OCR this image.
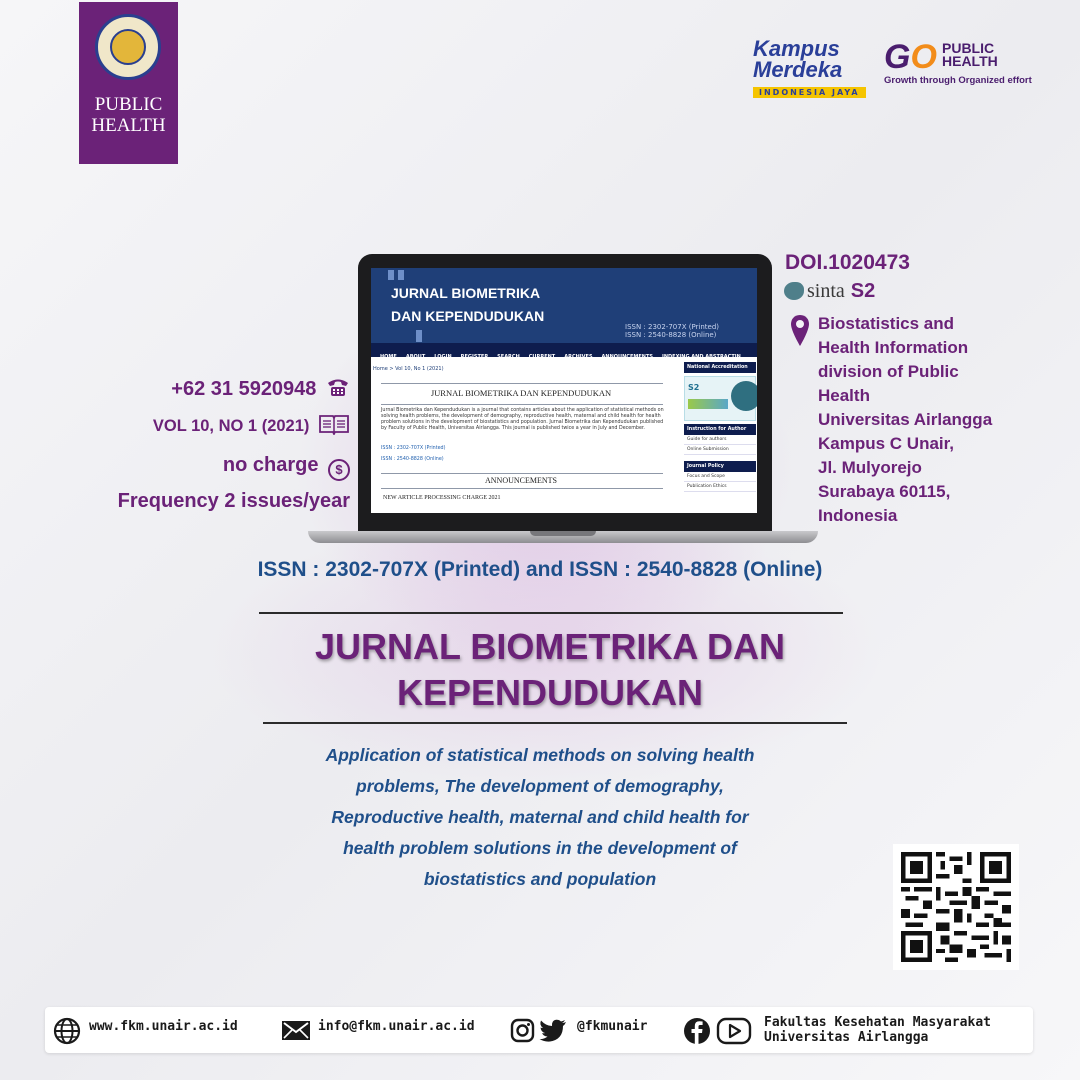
PUBLIC
HEALTH
Kampus
Merdeka
INDONESIA JAYA
GO PUBLIC
HEALTH
Growth through Organized effort
JURNAL BIOMETRIKA
DAN KEPENDUDUKAN
ISSN : 2302-707X (Printed)
ISSN : 2540-8828 (Online)
HOME ABOUT LOGIN REGISTER SEARCH CURRENT ARCHIVES ANNOUNCEMENTS INDEXING AND ABSTRACTIN
Home > Vol 10, No 1 (2021)
JURNAL BIOMETRIKA DAN KEPENDUDUKAN
Jurnal Biometrika dan Kependudukan is a journal that contains articles about the application of statistical methods on solving health problems, the development of demography, reproductive health, maternal and child health for health problem solutions in the development of biostatistics and population. Jurnal Biometrika dan Kependudukan published by Faculty of Public Health, Universitas Airlangga. This journal is published twice a year in July and December.
ISSN : 2302-707X (Printed)
ISSN : 2540-8828 (Online)
ANNOUNCEMENTS
NEW ARTICLE PROCESSING CHARGE 2021
National Accreditation
S2
Instruction for Author
Guide for authors
Online Submission
Journal Policy
Focus and Scope
Publication Ethics
+62 31 5920948
VOL 10, NO 1 (2021)
no charge $
Frequency 2 issues/year
DOI.1020473
sinta S2
Biostatistics and
Health Information
division of Public
Health
Universitas Airlangga
Kampus C Unair,
Jl. Mulyorejo
Surabaya 60115,
Indonesia
ISSN : 2302-707X (Printed) and ISSN : 2540-8828 (Online)
JURNAL BIOMETRIKA DAN
KEPENDUDUKAN
Application of statistical methods on solving health
problems, The development of demography,
Reproductive health, maternal and child health for
health problem solutions in the development of
biostatistics and population
www.fkm.unair.ac.id	info@fkm.unair.ac.id	@fkmunair	Fakultas Kesehatan Masyarakat
Universitas Airlangga
